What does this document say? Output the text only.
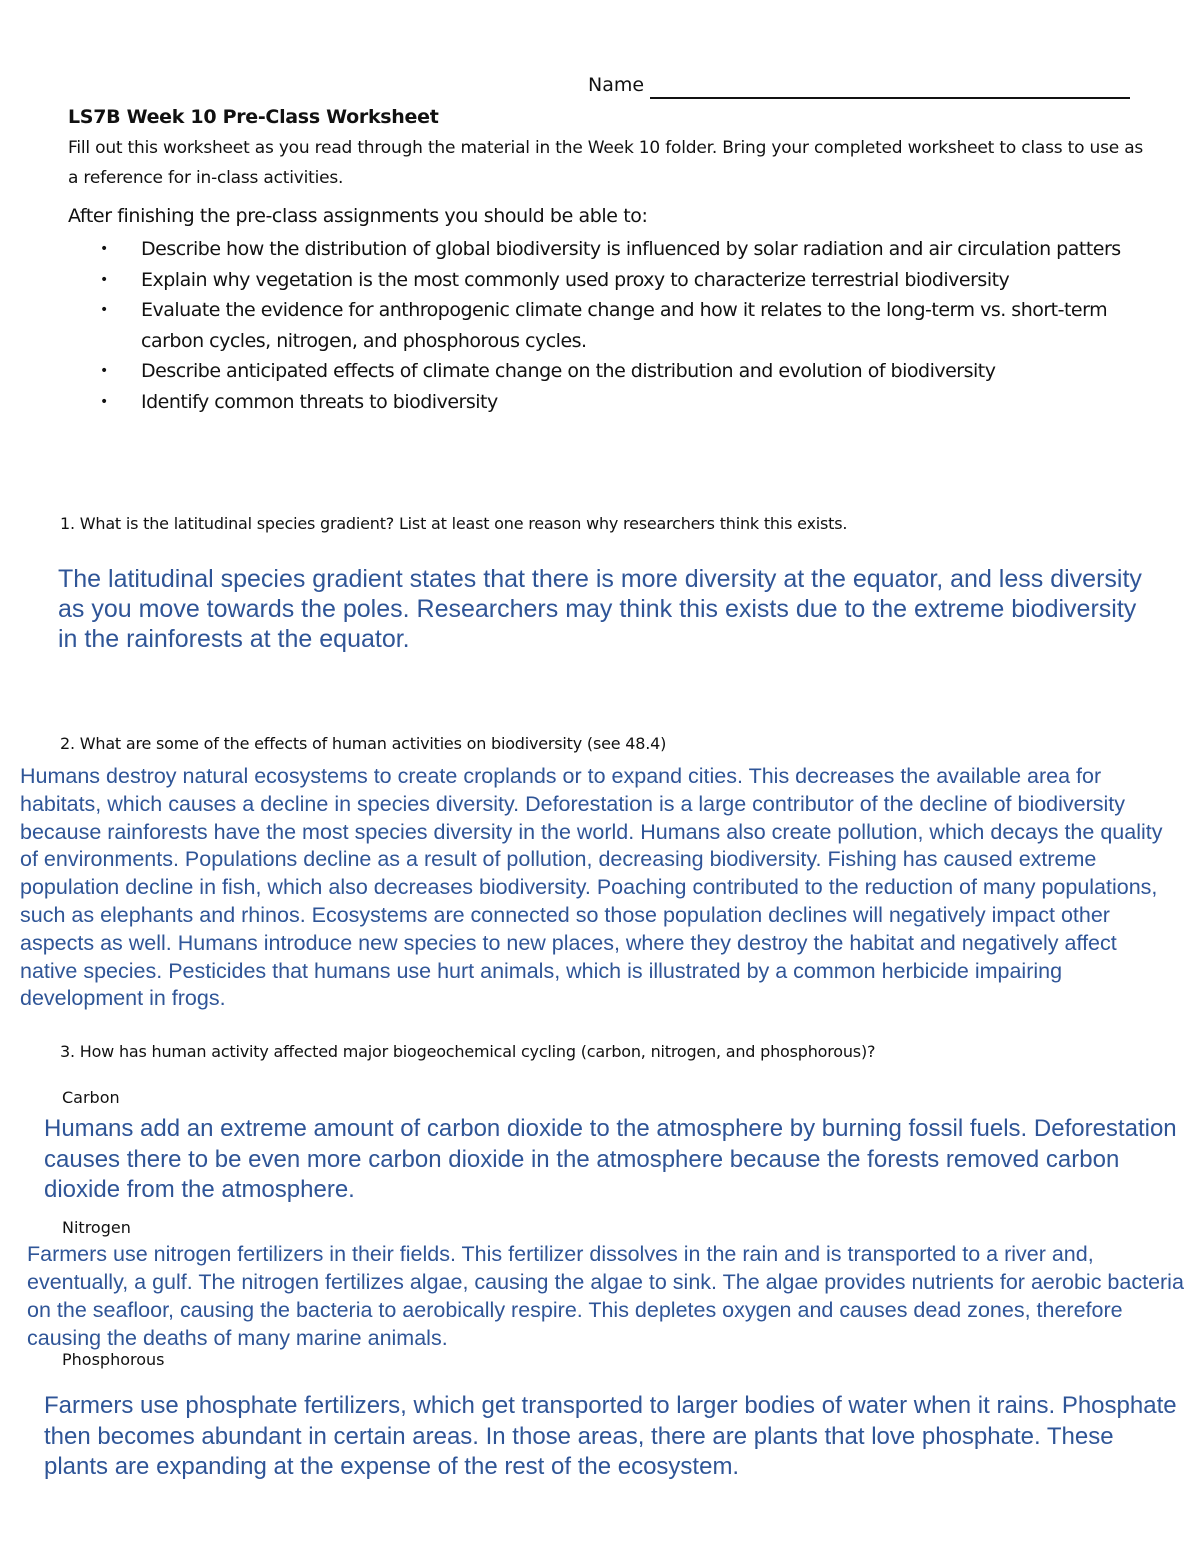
Name
LS7B Week 10 Pre-Class Worksheet
Fill out this worksheet as you read through the material in the Week 10 folder. Bring your completed worksheet to class to use as a reference for in-class activities.
After finishing the pre-class assignments you should be able to:
• Describe how the distribution of global biodiversity is influenced by solar radiation and air circulation patters
• Explain why vegetation is the most commonly used proxy to characterize terrestrial biodiversity
• Evaluate the evidence for anthropogenic climate change and how it relates to the long-term vs. short-term carbon cycles, nitrogen, and phosphorous cycles.
• Describe anticipated effects of climate change on the distribution and evolution of biodiversity
• Identify common threats to biodiversity
1. What is the latitudinal species gradient? List at least one reason why researchers think this exists.
The latitudinal species gradient states that there is more diversity at the equator, and less diversity as you move towards the poles. Researchers may think this exists due to the extreme biodiversity in the rainforests at the equator.
2. What are some of the effects of human activities on biodiversity (see 48.4)
Humans destroy natural ecosystems to create croplands or to expand cities. This decreases the available area for habitats, which causes a decline in species diversity. Deforestation is a large contributor of the decline of biodiversity because rainforests have the most species diversity in the world. Humans also create pollution, which decays the quality of environments. Populations decline as a result of pollution, decreasing biodiversity. Fishing has caused extreme population decline in fish, which also decreases biodiversity. Poaching contributed to the reduction of many populations, such as elephants and rhinos. Ecosystems are connected so those population declines will negatively impact other aspects as well. Humans introduce new species to new places, where they destroy the habitat and negatively affect native species. Pesticides that humans use hurt animals, which is illustrated by a common herbicide impairing development in frogs.
3. How has human activity affected major biogeochemical cycling (carbon, nitrogen, and phosphorous)?
Carbon
Humans add an extreme amount of carbon dioxide to the atmosphere by burning fossil fuels. Deforestation causes there to be even more carbon dioxide in the atmosphere because the forests removed carbon dioxide from the atmosphere.
Nitrogen
Farmers use nitrogen fertilizers in their fields. This fertilizer dissolves in the rain and is transported to a river and, eventually, a gulf. The nitrogen fertilizes algae, causing the algae to sink. The algae provides nutrients for aerobic bacteria on the seafloor, causing the bacteria to aerobically respire. This depletes oxygen and causes dead zones, therefore causing the deaths of many marine animals.
Phosphorous
Farmers use phosphate fertilizers, which get transported to larger bodies of water when it rains. Phosphate then becomes abundant in certain areas. In those areas, there are plants that love phosphate. These plants are expanding at the expense of the rest of the ecosystem.
